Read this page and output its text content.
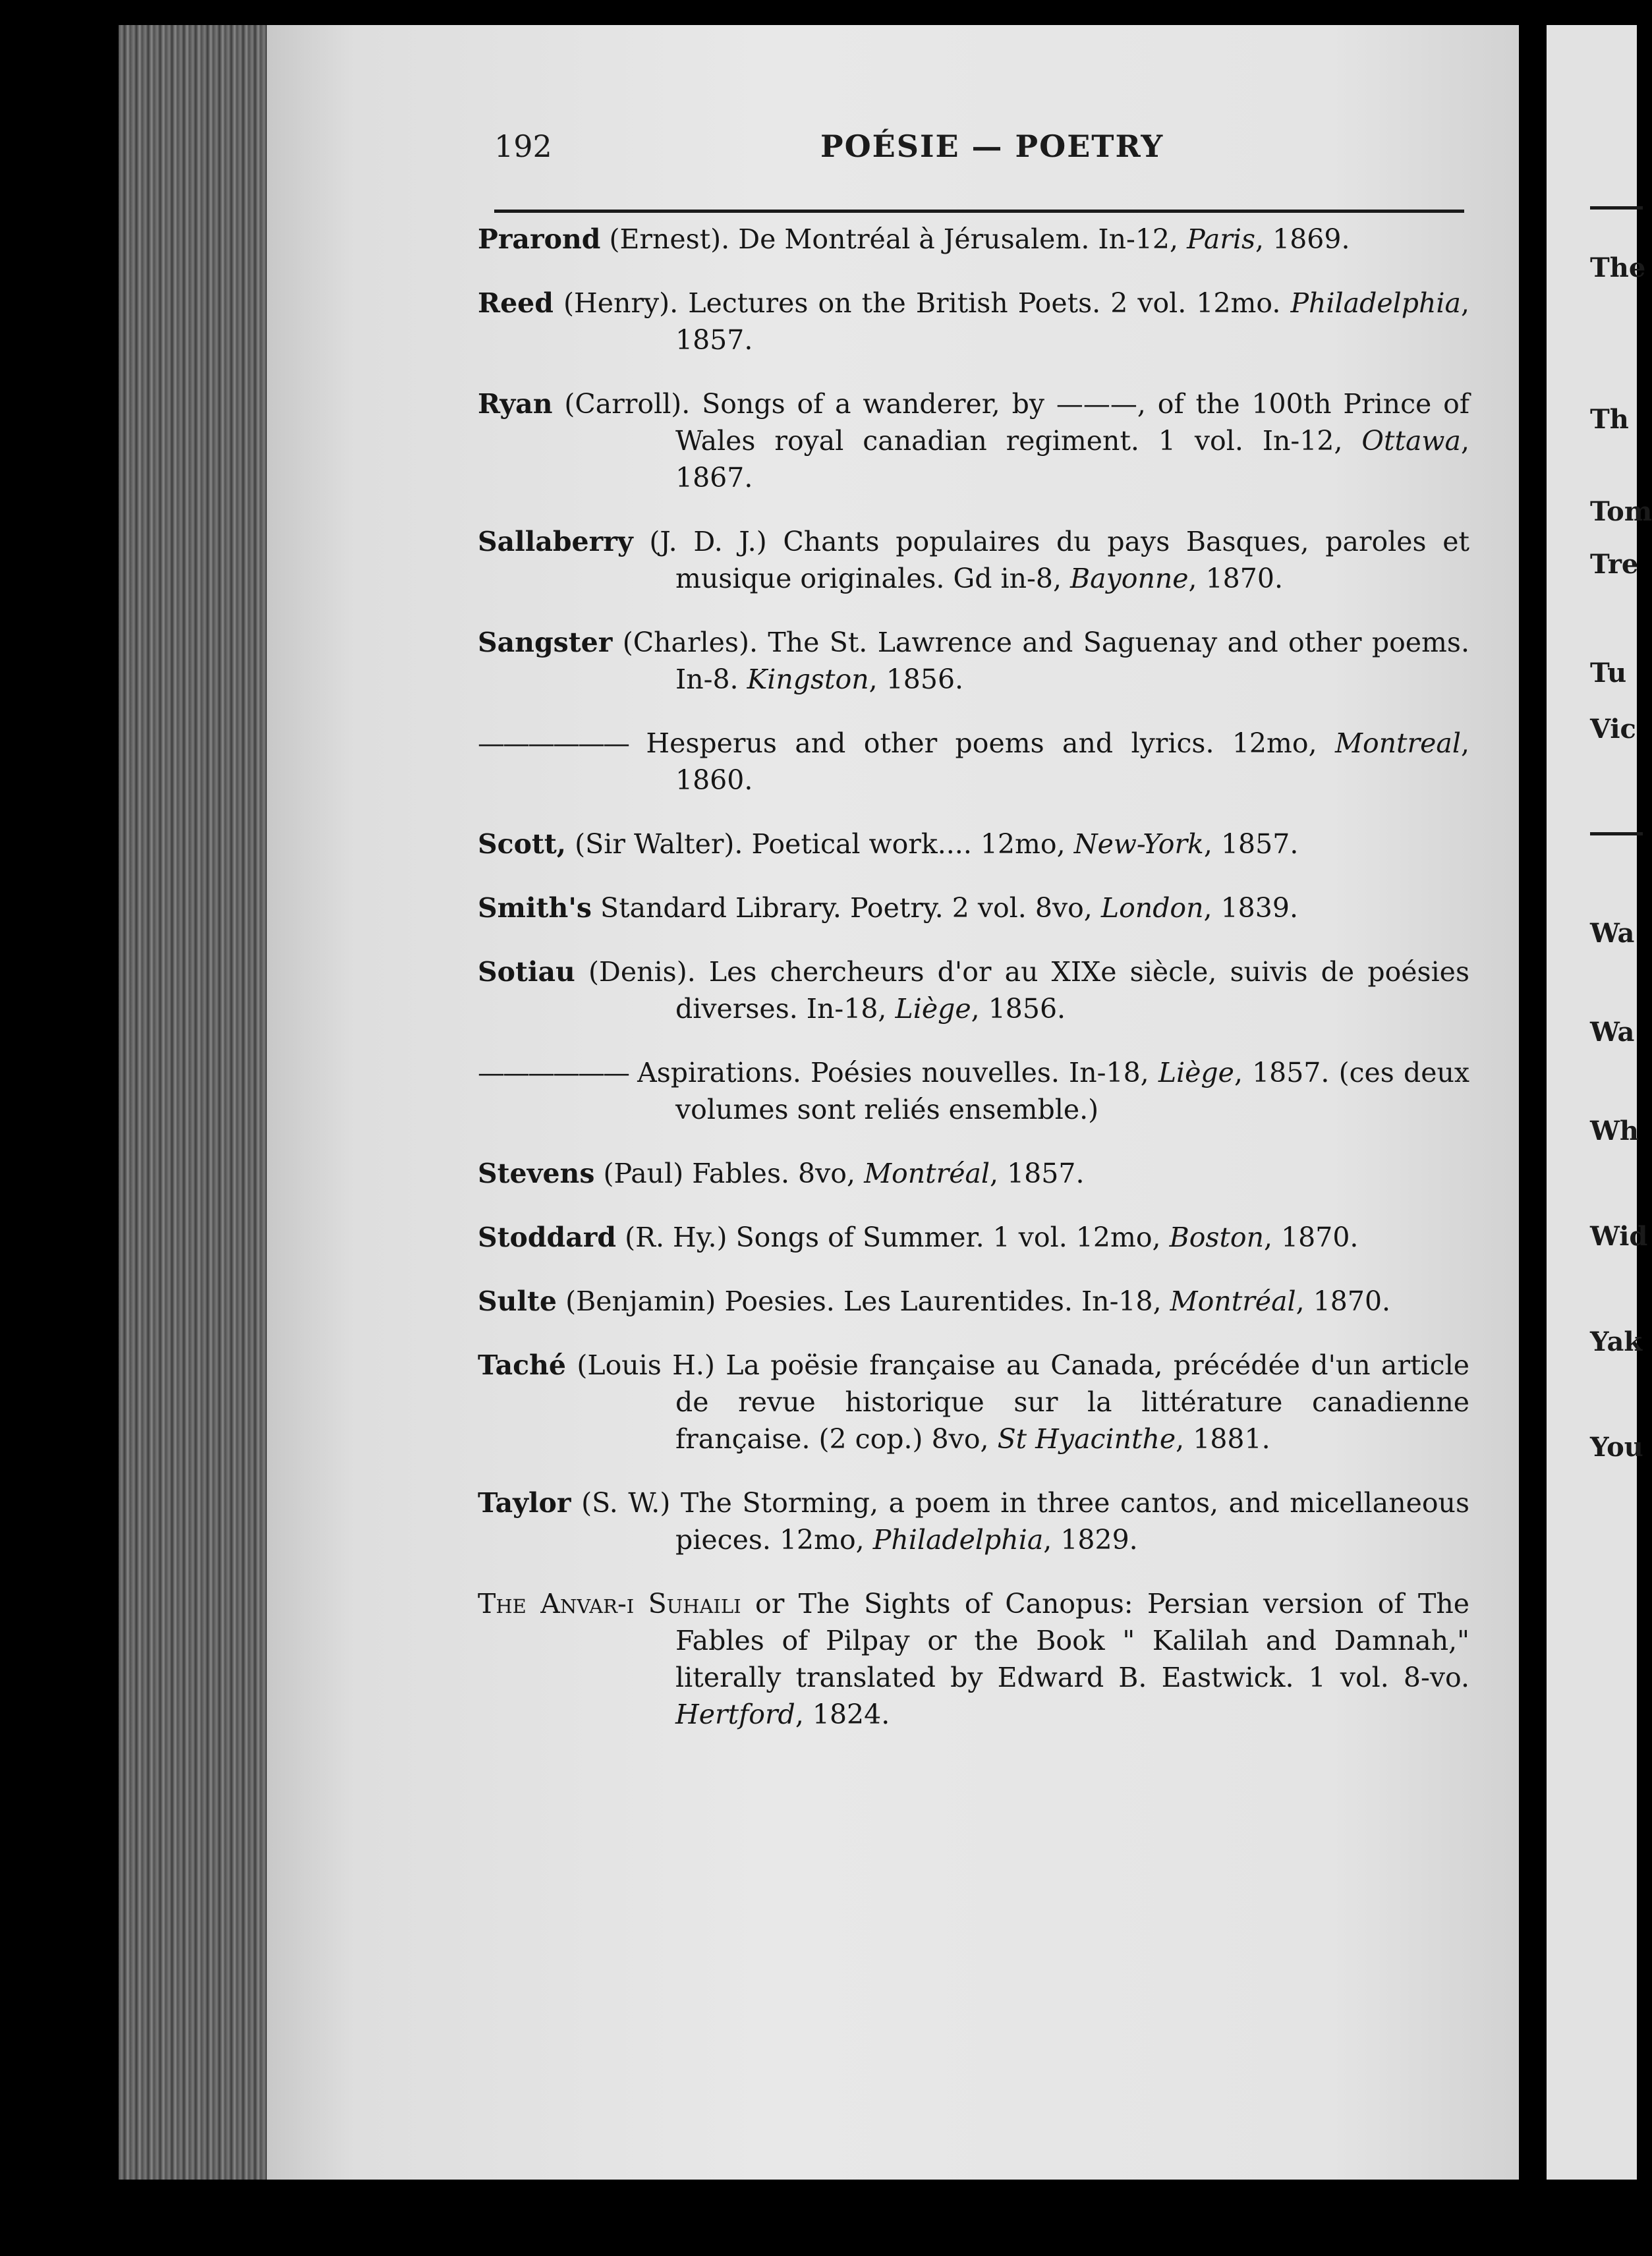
192	POÉSIE — POETRY

Prarond (Ernest). De Montréal à Jérusalem. In-12, Paris, 1869.

Reed (Henry). Lectures on the British Poets. 2 vol. 12mo. Philadelphia, 1857.

Ryan (Carroll). Songs of a wanderer, by ———, of the 100th Prince of Wales royal canadian regiment. 1 vol. In-12, Ottawa, 1867.

Sallaberry (J. D. J.) Chants populaires du pays Basques, paroles et musique originales. Gd in-8, Bayonne, 1870.

Sangster (Charles). The St. Lawrence and Saguenay and other poems. In-8. Kingston, 1856.

—————— Hesperus and other poems and lyrics. 12mo, Montreal, 1860.

Scott, (Sir Walter). Poetical work.... 12mo, New-York, 1857.

Smith's Standard Library. Poetry. 2 vol. 8vo, London, 1839.

Sotiau (Denis). Les chercheurs d'or au XIXe siècle, suivis de poésies diverses. In-18, Liège, 1856.

—————— Aspirations. Poésies nouvelles. In-18, Liège, 1857. (ces deux volumes sont reliés ensemble.)

Stevens (Paul) Fables. 8vo, Montréal, 1857.

Stoddard (R. Hy.) Songs of Summer. 1 vol. 12mo, Boston, 1870.

Sulte (Benjamin) Poesies. Les Laurentides. In-18, Montréal, 1870.

Taché (Louis H.) La poësie française au Canada, précédée d'un article de revue historique sur la littérature canadienne française. (2 cop.) 8vo, St Hyacinthe, 1881.

Taylor (S. W.) The Storming, a poem in three cantos, and micellaneous pieces. 12mo, Philadelphia, 1829.

The Anvar-i Suhaili or The Sights of Canopus: Persian version of The Fables of Pilpay or the Book " Kalilah and Damnah," literally translated by Edward B. Eastwick. 1 vol. 8-vo. Hertford, 1824.

The
Th
Tom
Tre
Tu
Vic
Wa
Wa
Wh
Wid
Yak
You
